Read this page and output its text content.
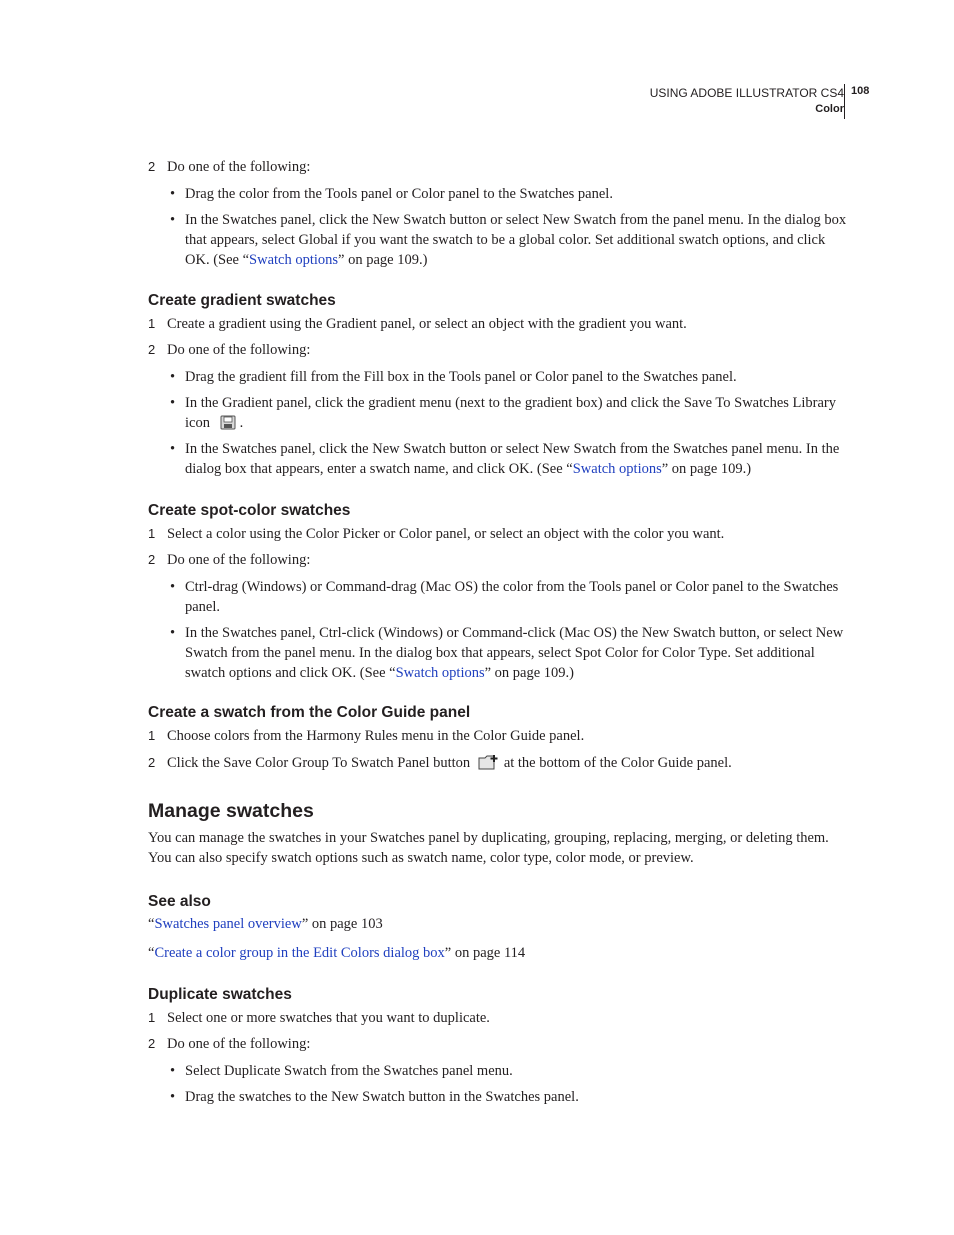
USING ADOBE ILLUSTRATOR CS4
Color
108
2 Do one of the following:
• Drag the color from the Tools panel or Color panel to the Swatches panel.
• In the Swatches panel, click the New Swatch button or select New Swatch from the panel menu. In the dialog box that appears, select Global if you want the swatch to be a global color. Set additional swatch options, and click OK. (See “Swatch options” on page 109.)
Create gradient swatches
1 Create a gradient using the Gradient panel, or select an object with the gradient you want.
2 Do one of the following:
• Drag the gradient fill from the Fill box in the Tools panel or Color panel to the Swatches panel.
• In the Gradient panel, click the gradient menu (next to the gradient box) and click the Save To Swatches Library icon .
• In the Swatches panel, click the New Swatch button or select New Swatch from the Swatches panel menu. In the dialog box that appears, enter a swatch name, and click OK. (See “Swatch options” on page 109.)
Create spot-color swatches
1 Select a color using the Color Picker or Color panel, or select an object with the color you want.
2 Do one of the following:
• Ctrl-drag (Windows) or Command-drag (Mac OS) the color from the Tools panel or Color panel to the Swatches panel.
• In the Swatches panel, Ctrl-click (Windows) or Command-click (Mac OS) the New Swatch button, or select New Swatch from the panel menu. In the dialog box that appears, select Spot Color for Color Type. Set additional swatch options and click OK. (See “Swatch options” on page 109.)
Create a swatch from the Color Guide panel
1 Choose colors from the Harmony Rules menu in the Color Guide panel.
2 Click the Save Color Group To Swatch Panel button at the bottom of the Color Guide panel.
Manage swatches
You can manage the swatches in your Swatches panel by duplicating, grouping, replacing, merging, or deleting them. You can also specify swatch options such as swatch name, color type, color mode, or preview.
See also
“Swatches panel overview” on page 103
“Create a color group in the Edit Colors dialog box” on page 114
Duplicate swatches
1 Select one or more swatches that you want to duplicate.
2 Do one of the following:
• Select Duplicate Swatch from the Swatches panel menu.
• Drag the swatches to the New Swatch button in the Swatches panel.
